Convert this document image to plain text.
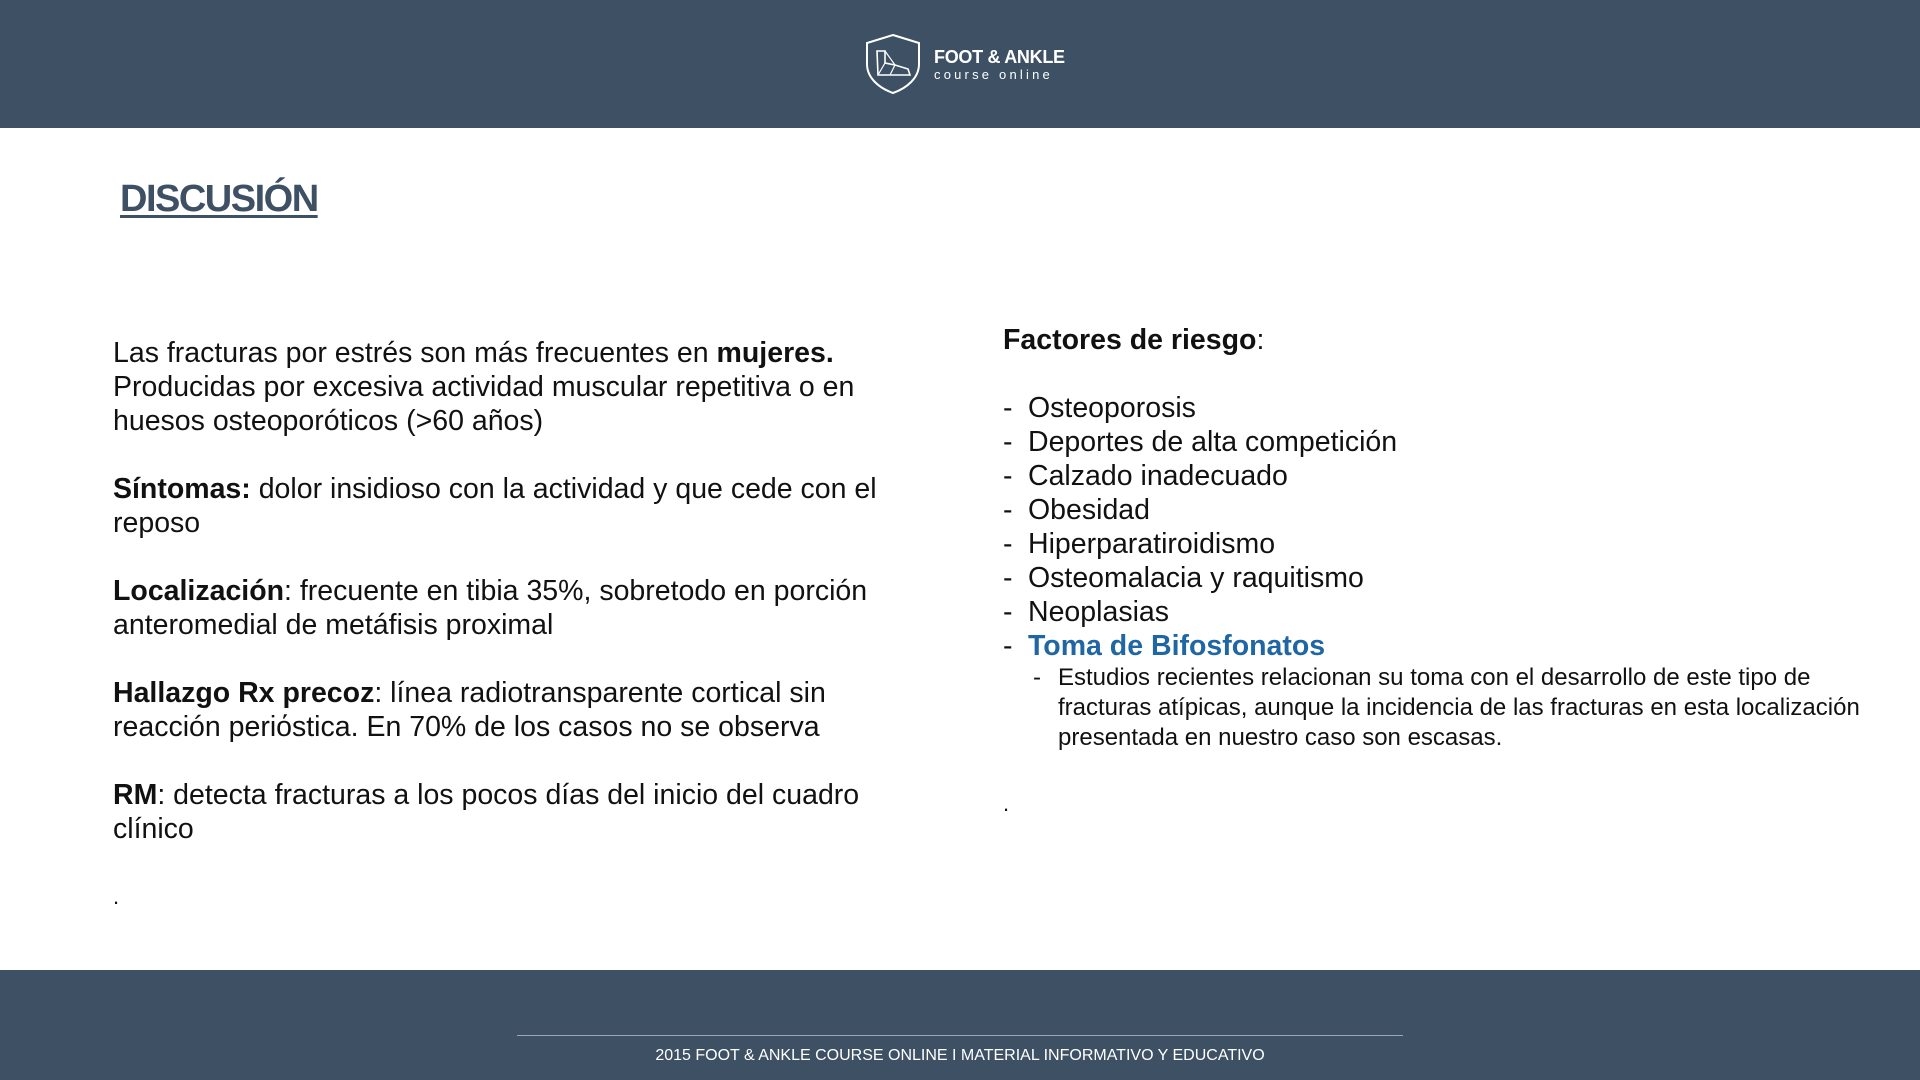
FOOT & ANKLE
course online
DISCUSIÓN

Las fracturas por estrés son más frecuentes en mujeres.
Producidas por excesiva actividad muscular repetitiva o en huesos osteoporóticos (>60 años)

Síntomas: dolor insidioso con la actividad y que cede con el reposo

Localización: frecuente en tibia 35%, sobretodo en porción anteromedial de metáfisis proximal

Hallazgo Rx precoz: línea radiotransparente cortical sin reacción periόstica. En 70% de los casos no se observa

RM: detecta fracturas a los pocos días del inicio del cuadro clínico

.

Factores de riesgo:

- Osteoporosis
- Deportes de alta competición
- Calzado inadecuado
- Obesidad
- Hiperparatiroidismo
- Osteomalacia y raquitismo
- Neoplasias
- Toma de Bifosfonatos
- Estudios recientes relacionan su toma con el desarrollo de este tipo de fracturas atípicas, aunque la incidencia de las fracturas en esta localización presentada en nuestro caso son escasas.
.
2015 FOOT & ANKLE COURSE ONLINE I MATERIAL INFORMATIVO Y EDUCATIVO
